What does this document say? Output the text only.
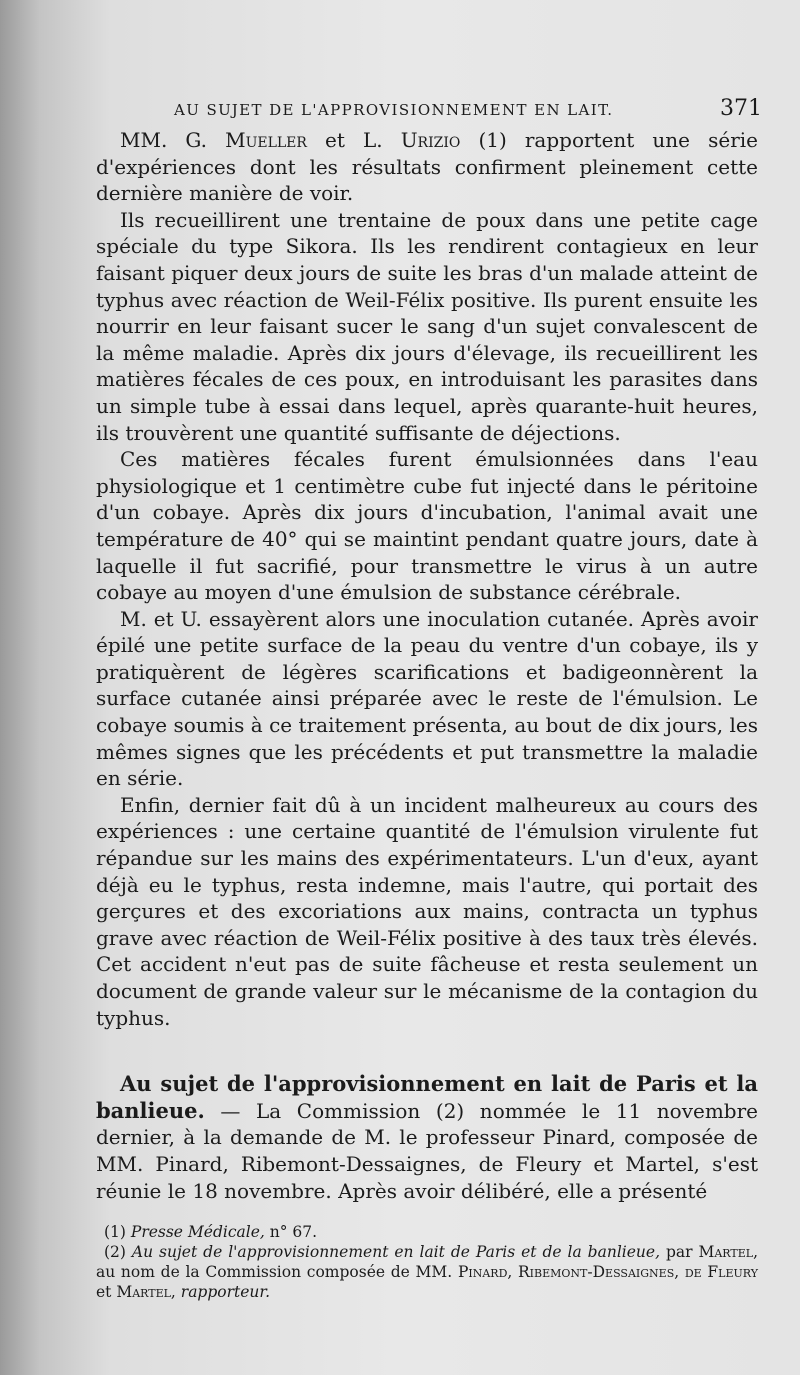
AU SUJET DE L'APPROVISIONNEMENT EN LAIT.	371

MM. G. Mueller et L. Urizio (1) rapportent une série d'expériences dont les résultats confirment pleinement cette dernière manière de voir.

Ils recueillirent une trentaine de poux dans une petite cage spéciale du type Sikora. Ils les rendirent contagieux en leur faisant piquer deux jours de suite les bras d'un malade atteint de typhus avec réaction de Weil-Félix positive. Ils purent ensuite les nourrir en leur faisant sucer le sang d'un sujet convalescent de la même maladie. Après dix jours d'élevage, ils recueillirent les matières fécales de ces poux, en introduisant les parasites dans un simple tube à essai dans lequel, après quarante-huit heures, ils trouvèrent une quantité suffisante de déjections.

Ces matières fécales furent émulsionnées dans l'eau physiologique et 1 centimètre cube fut injecté dans le péritoine d'un cobaye. Après dix jours d'incubation, l'animal avait une température de 40° qui se maintint pendant quatre jours, date à laquelle il fut sacrifié, pour transmettre le virus à un autre cobaye au moyen d'une émulsion de substance cérébrale.

M. et U. essayèrent alors une inoculation cutanée. Après avoir épilé une petite surface de la peau du ventre d'un cobaye, ils y pratiquèrent de légères scarifications et badigeonnèrent la surface cutanée ainsi préparée avec le reste de l'émulsion. Le cobaye soumis à ce traitement présenta, au bout de dix jours, les mêmes signes que les précédents et put transmettre la maladie en série.

Enfin, dernier fait dû à un incident malheureux au cours des expériences : une certaine quantité de l'émulsion virulente fut répandue sur les mains des expérimentateurs. L'un d'eux, ayant déjà eu le typhus, resta indemne, mais l'autre, qui portait des gerçures et des excoriations aux mains, contracta un typhus grave avec réaction de Weil-Félix positive à des taux très élevés. Cet accident n'eut pas de suite fâcheuse et resta seulement un document de grande valeur sur le mécanisme de la contagion du typhus.

Au sujet de l'approvisionnement en lait de Paris et la banlieue. — La Commission (2) nommée le 11 novembre dernier, à la demande de M. le professeur Pinard, composée de MM. Pinard, Ribemont-Dessaignes, de Fleury et Martel, s'est réunie le 18 novembre. Après avoir délibéré, elle a présenté

(1) Presse Médicale, n° 67.

(2) Au sujet de l'approvisionnement en lait de Paris et de la banlieue, par Martel, au nom de la Commission composée de MM. Pinard, Ribemont-Dessaignes, de Fleury et Martel, rapporteur.
